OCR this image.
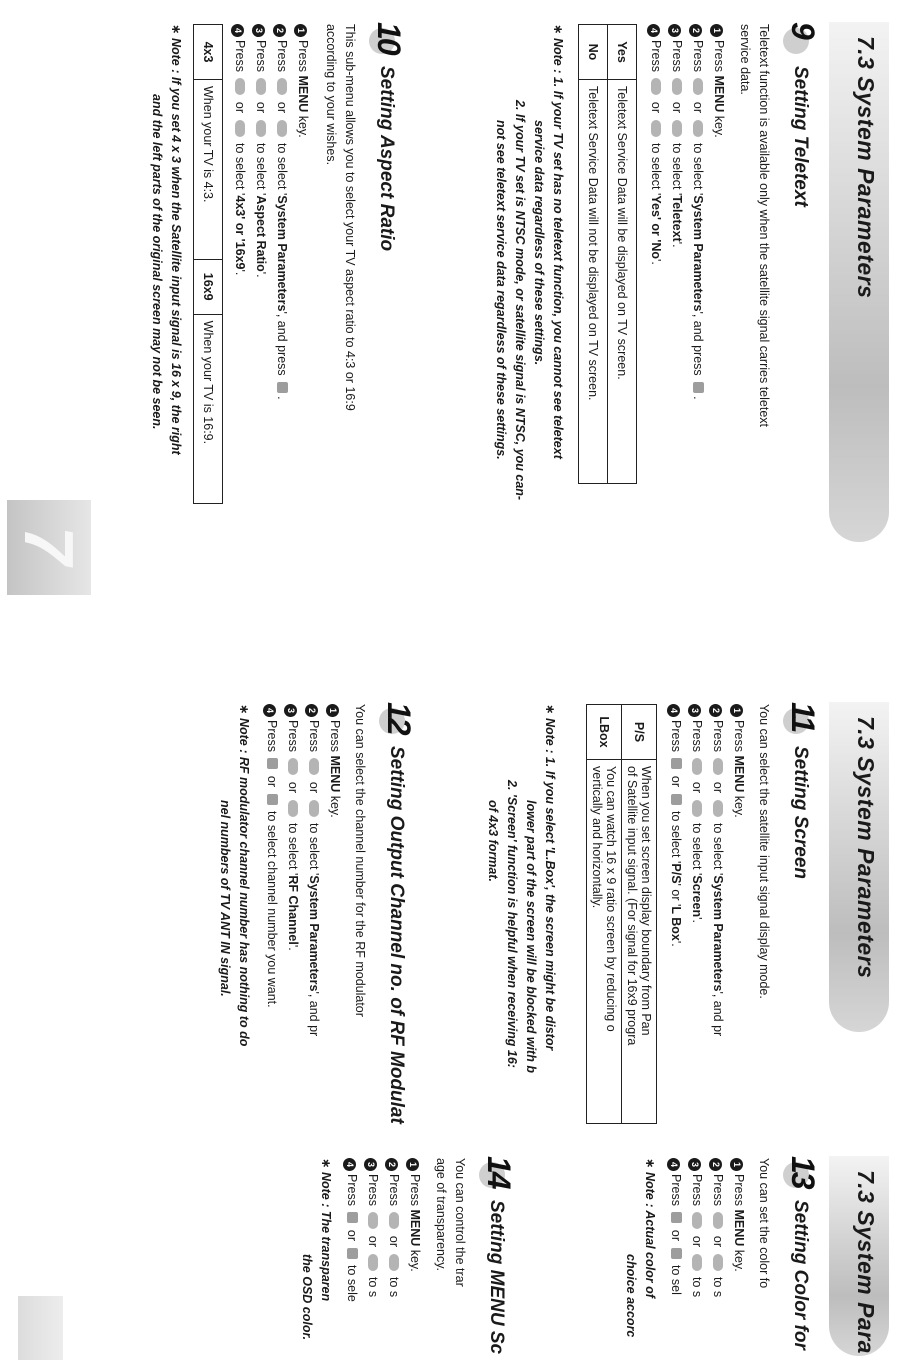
7.3 System Parameters
9
Setting Teletext
Teletext function is available only when the satellite signal carries teletext
service data.
1Press MENU key.
2Press  or  to select 'System Parameters', and press .
3Press  or  to select 'Teletext'.
4Press  or  to select 'Yes' or 'No'.
Yes	Teletext Service Data will be displayed on TV screen.
No	Teletext Service Data will not be displayed on TV screen.
∗ Note : 1. If your TV set has no teletext function, you cannot see teletext
service data regardless of these settings.
2. If your TV set is NTSC mode, or satellite signal is NTSC, you can-
not see teletext service data regardless of these settings.
10
Setting Aspect Ratio
This sub-menu allows you to select your TV aspect ratio to 4:3 or 16:9
according to your wishes.
1Press MENU key.
2Press  or  to select 'System Parameters', and press .
3Press  or  to select 'Aspect Ratio'.
4Press  or  to select '4x3' or '16x9'.
4x3	When your TV is 4:3.	16x9	When your TV is 16:9.
∗ Note : If you set 4 x 3 when the Satellite input signal is 16 x 9, the right
and the left parts of the original screen may not be seen.
7
7.3 System Parameters
11
Setting Screen
You can select the satellite input signal display mode.
1Press MENU key.
2Press  or  to select 'System Parameters', and pr
3Press  or  to select 'Screen'.
4Press  or  to select 'P/S' or 'L Box'.
P/S	When you set screen display boundary from Pan
of Satellite input signal. (For signal for 16x9 progra

LBox	You can watch 16 x 9 ratio screen by reducing o
vertically and horizontally.
∗ Note : 1. If you select 'L.Box', the screen might be distor
lower part of the screen will be blocked with b
2. 'Screen' function is helpful when receiving 16:
of 4x3 format.
12
Setting Output Channel no. of RF Modulat
You can select the channel number for the RF modulator
1Press MENU key.
2Press  or  to select 'System Parameters', and pr
3Press  or  to select 'RF Channel'.
4Press  or  to select channel number you want.
∗ Note : RF modulator channel number has nothing to do
nel numbers of TV ANT IN signal.
7.3 System Para
13
Setting Color for
You can set the color fo
1Press MENU key.
2Press  or  to s
3Press  or  to s
4Press  or  to sel
∗ Note : Actual color of
choice accorc
14
Setting MENU Sc
You can control the trar
age of transparency.
1Press MENU key.
2Press  or  to s
3Press  or  to s
4Press  or  to sele
∗ Note : The transparen
the OSD color.
